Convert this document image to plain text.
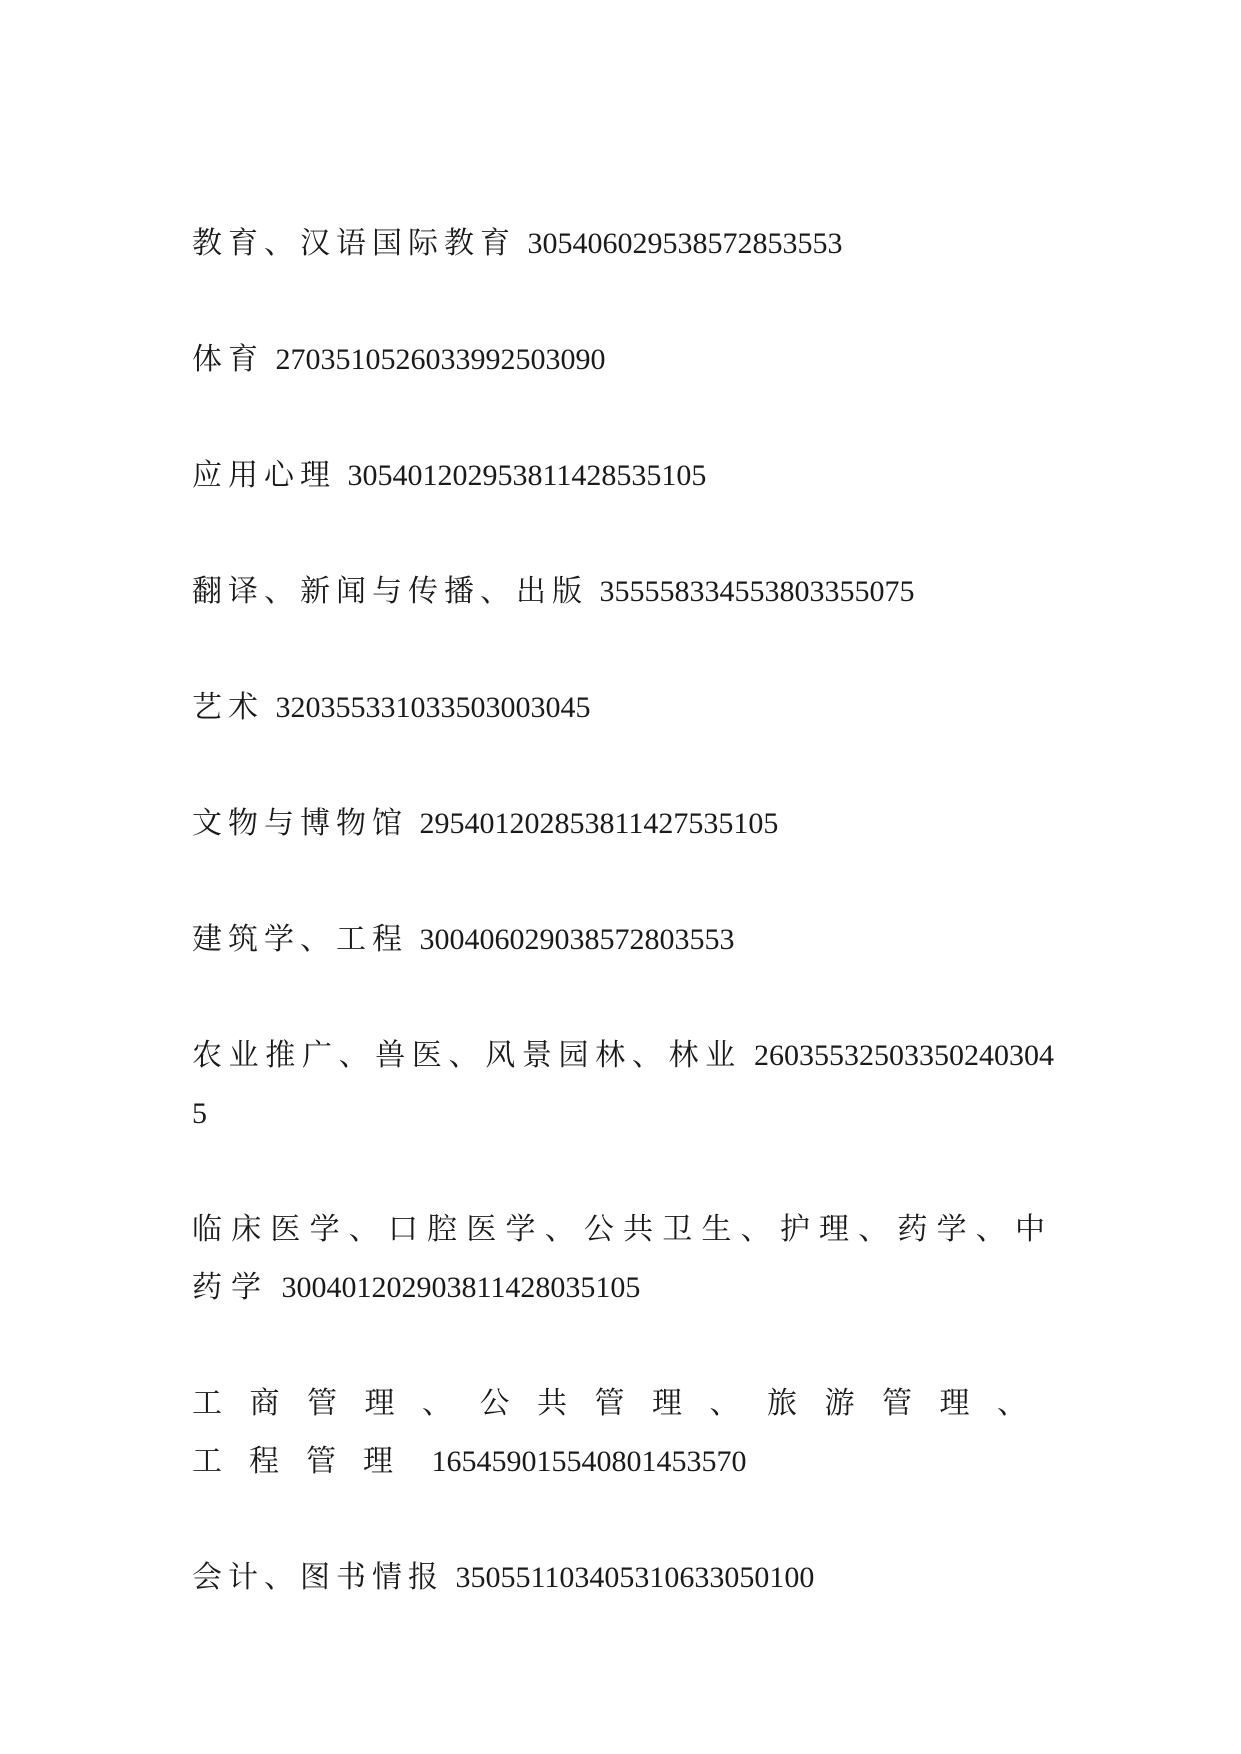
教育、汉语国际教育 305406029538572853553

体育 270351052603399250309​0

应用心理 3054012029538114285351​05

翻译、新闻与传播、出版 355558334553803355075

艺术 320355331033503003045

文物与博物馆 2954012028538114275351​05

建筑学、工程 300406029038572803553

农业推广、兽医、风景园林、林业 260355325033502403045

临床医学、口腔医学、公共卫生、护理、药学、中药学 3004012029038114280351​05

工商管理、公共管理、旅游管理、工程管理 165459015540801453570

会计、图书情报 350551103405310633050100
